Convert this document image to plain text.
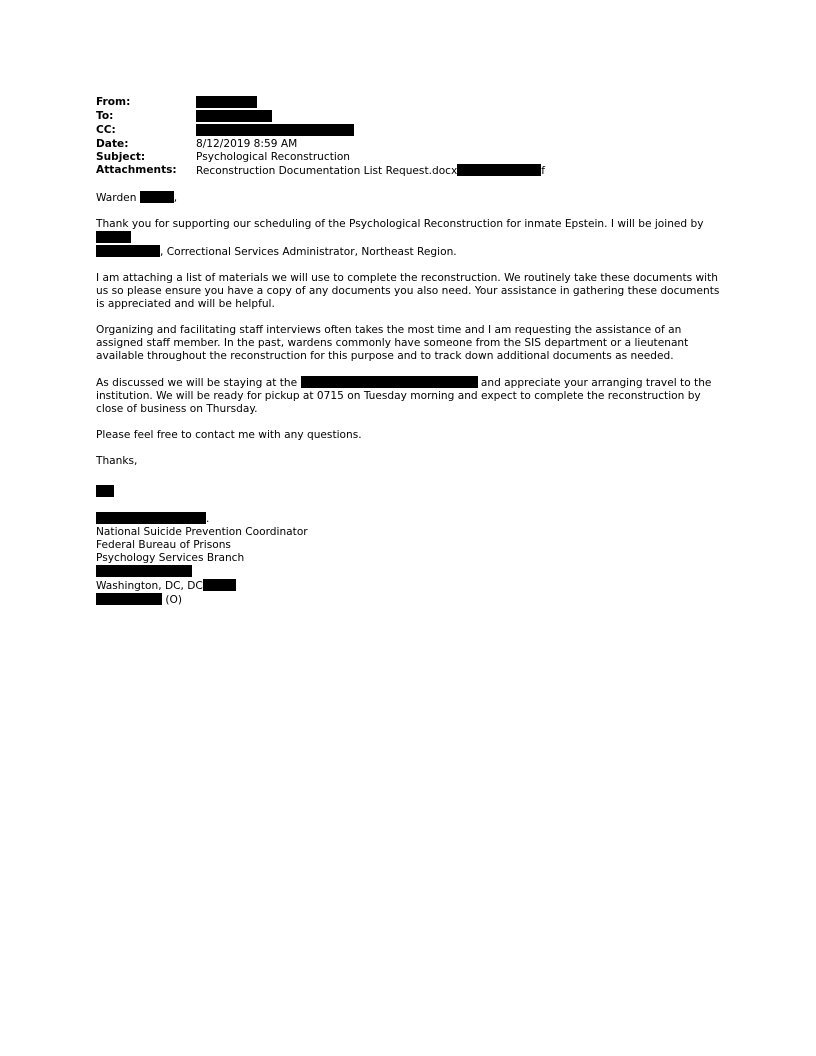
From:
To:
CC:
Date:	8/12/2019 8:59 AM
Subject:	Psychological Reconstruction
Attachments:	Reconstruction Documentation List Request.docx	f

Warden	,

Thank you for supporting our scheduling of the Psychological Reconstruction for inmate Epstein. I will be joined by
, Correctional Services Administrator, Northeast Region.

I am attaching a list of materials we will use to complete the reconstruction. We routinely take these documents with us so please ensure you have a copy of any documents you also need. Your assistance in gathering these documents is appreciated and will be helpful.

Organizing and facilitating staff interviews often takes the most time and I am requesting the assistance of an assigned staff member. In the past, wardens commonly have someone from the SIS department or a lieutenant available throughout the reconstruction for this purpose and to track down additional documents as needed.

As discussed we will be staying at the	and appreciate your arranging travel to the institution. We will be ready for pickup at 0715 on Tuesday morning and expect to complete the reconstruction by close of business on Thursday.

Please feel free to contact me with any questions.

Thanks,

.
National Suicide Prevention Coordinator
Federal Bureau of Prisons
Psychology Services Branch
Washington, DC, DC
(O)
